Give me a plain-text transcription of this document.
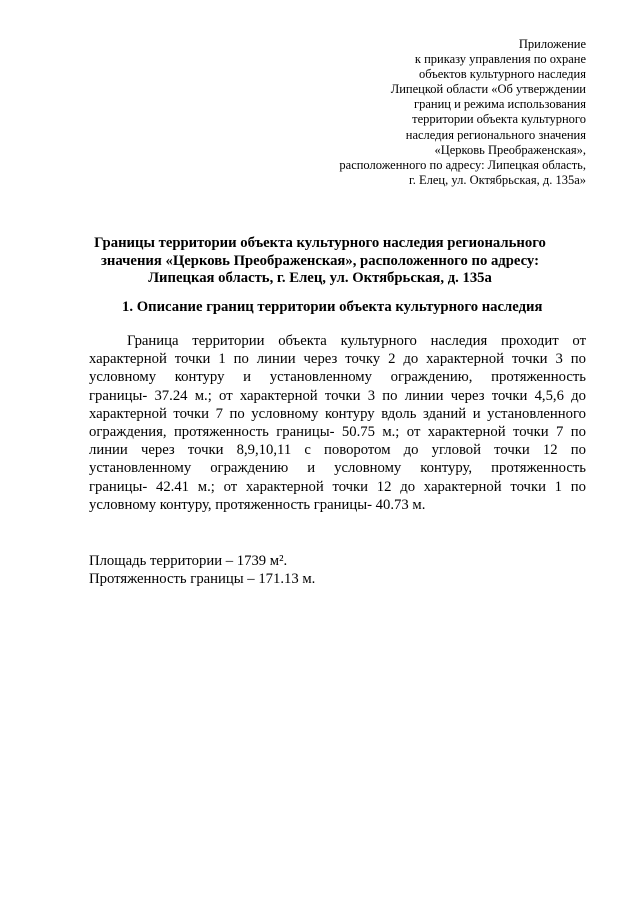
Приложение
к приказу управления по охране
объектов культурного наследия
Липецкой области «Об утверждении
границ и режима использования
территории объекта культурного
наследия регионального значения
«Церковь Преображенская»,
расположенного по адресу: Липецкая область,
г. Елец, ул. Октябрьская, д. 135а»
Границы территории объекта культурного наследия регионального
значения «Церковь Преображенская», расположенного по адресу:
Липецкая область, г. Елец, ул. Октябрьская, д. 135а
1. Описание границ территории объекта культурного наследия
Граница территории объекта культурного наследия проходит от
характерной точки 1 по линии через точку 2 до характерной точки 3 по
условному контуру и установленному ограждению, протяженность
границы- 37.24 м.; от характерной точки 3 по линии через точки 4,5,6 до
характерной точки 7 по условному контуру вдоль зданий и установленного
ограждения, протяженность границы- 50.75 м.; от характерной точки 7 по
линии через точки 8,9,10,11 с поворотом до угловой точки 12 по
установленному ограждению и условному контуру, протяженность
границы- 42.41 м.; от характерной точки 12 до характерной точки 1 по
условному контуру, протяженность границы- 40.73 м.
Площадь территории – 1739 м².
Протяженность границы – 171.13 м.
